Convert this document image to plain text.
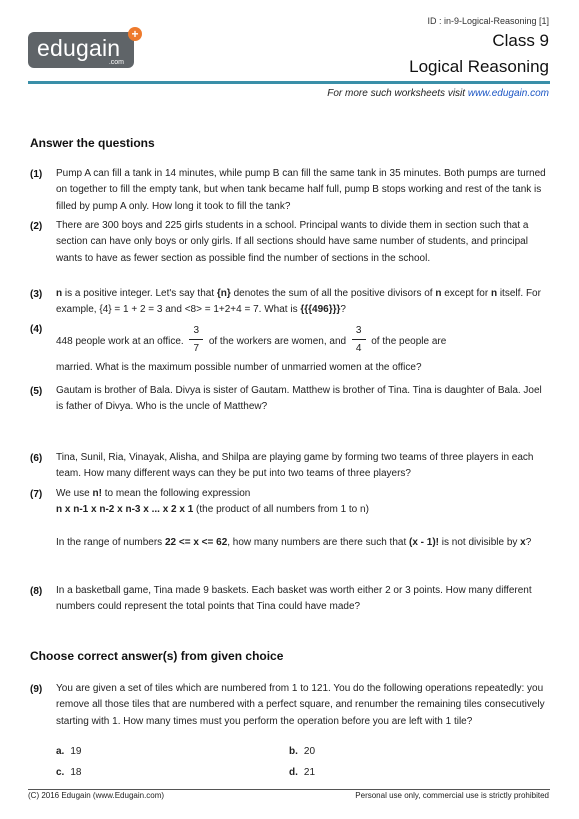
edugain
.com
+
ID : in-9-Logical-Reasoning [1]
Class 9
Logical Reasoning
For more such worksheets visit www.edugain.com
Answer the questions
(1) Pump A can fill a tank in 14 minutes, while pump B can fill the same tank in 35 minutes. Both pumps are turned on together to fill the empty tank, but when tank became half full, pump B stops working and rest of the tank is filled by pump A only. How long it took to fill the tank?
(2) There are 300 boys and 225 girls students in a school. Principal wants to divide them in section such that a section can have only boys or only girls. If all sections should have same number of students, and principal wants to have as fewer section as possible find the number of sections in the school.
(3) n is a positive integer. Let's say that {n} denotes the sum of all the positive divisors of n except for n itself. For example, {4} = 1 + 2 = 3 and <8> = 1+2+4 = 7. What is {{{496}}}?
(4)
448 people work at an office. $\frac{3}{7}$ of the workers are women, and $\frac{3}{4}$ of the people are
married. What is the maximum possible number of unmarried women at the office?
(5) Gautam is brother of Bala. Divya is sister of Gautam. Matthew is brother of Tina. Tina is daughter of Bala. Joel is father of Divya. Who is the uncle of Matthew?
(6) Tina, Sunil, Ria, Vinayak, Alisha, and Shilpa are playing game by forming two teams of three players in each team. How many different ways can they be put into two teams of three players?
(7) We use n! to mean the following expression

n x n-1 x n-2 x n-3 x ... x 2 x 1 (the product of all numbers from 1 to n)

In the range of numbers 22 <= x <= 62, how many numbers are there such that (x - 1)! is not divisible by x?

(8) In a basketball game, Tina made 9 baskets. Each basket was worth either 2 or 3 points. How many different numbers could represent the total points that Tina could have made?
Choose correct answer(s) from given choice
(9) You are given a set of tiles which are numbered from 1 to 121. You do the following operations repeatedly: you remove all those tiles that are numbered with a perfect square, and renumber the remaining tiles consecutively starting with 1. How many times must you perform the operation before you are left with 1 tile?
a. 19	b. 20
c. 18	d. 21
(C) 2016 Edugain (www.Edugain.com)	Personal use only, commercial use is strictly prohibited
